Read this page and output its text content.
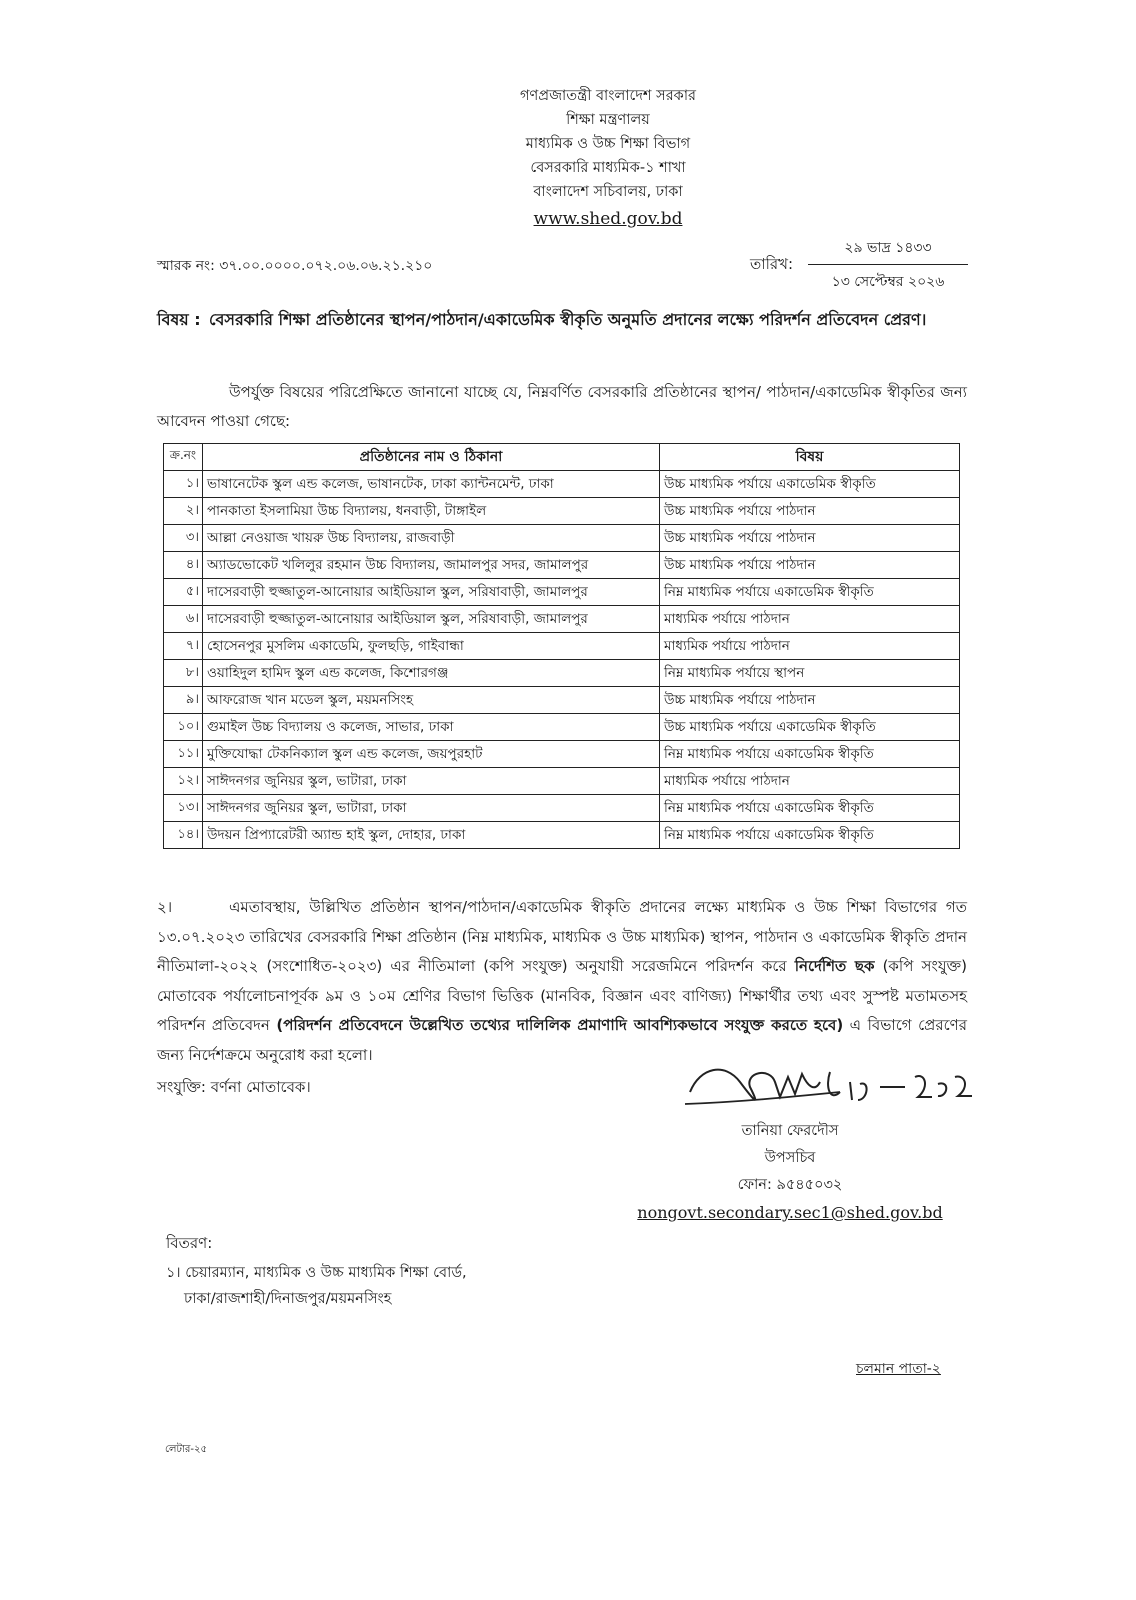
গণপ্রজাতন্ত্রী বাংলাদেশ সরকার
শিক্ষা মন্ত্রণালয়
মাধ্যমিক ও উচ্চ শিক্ষা বিভাগ
বেসরকারি মাধ্যমিক-১ শাখা
বাংলাদেশ সচিবালয়, ঢাকা
www.shed.gov.bd
স্মারক নং: ৩৭.০০.০০০০.০৭২.০৬.০৬.২১.২১০	তারিখ:
২৯ ভাদ্র ১৪৩৩
১৩ সেপ্টেম্বর ২০২৬
বিষয় : বেসরকারি শিক্ষা প্রতিষ্ঠানের স্থাপন/পাঠদান/একাডেমিক স্বীকৃতি অনুমতি প্রদানের লক্ষ্যে পরিদর্শন প্রতিবেদন প্রেরণ।
উপর্যুক্ত বিষয়ের পরিপ্রেক্ষিতে জানানো যাচ্ছে যে, নিম্নবর্ণিত বেসরকারি প্রতিষ্ঠানের স্থাপন/ পাঠদান/একাডেমিক স্বীকৃতির জন্য আবেদন পাওয়া গেছে:
ক্র.নং	প্রতিষ্ঠানের নাম ও ঠিকানা	বিষয়
১।	ভাষানেটেক স্কুল এন্ড কলেজ, ভাষানটেক, ঢাকা ক্যান্টনমেন্ট, ঢাকা	উচ্চ মাধ্যমিক পর্যায়ে একাডেমিক স্বীকৃতি
২।	পানকাতা ইসলামিয়া উচ্চ বিদ্যালয়, ধনবাড়ী, টাঙ্গাইল	উচ্চ মাধ্যমিক পর্যায়ে পাঠদান
৩।	আল্লা নেওয়াজ খায়রু উচ্চ বিদ্যালয়, রাজবাড়ী	উচ্চ মাধ্যমিক পর্যায়ে পাঠদান
৪।	অ্যাডভোকেট খলিলুর রহমান উচ্চ বিদ্যালয়, জামালপুর সদর, জামালপুর	উচ্চ মাধ্যমিক পর্যায়ে পাঠদান
৫।	দাসেরবাড়ী হুজ্জাতুল-আনোয়ার আইডিয়াল স্কুল, সরিষাবাড়ী, জামালপুর	নিম্ন মাধ্যমিক পর্যায়ে একাডেমিক স্বীকৃতি
৬।	দাসেরবাড়ী হুজ্জাতুল-আনোয়ার আইডিয়াল স্কুল, সরিষাবাড়ী, জামালপুর	মাধ্যমিক পর্যায়ে পাঠদান
৭।	হোসেনপুর মুসলিম একাডেমি, ফুলছড়ি, গাইবান্ধা	মাধ্যমিক পর্যায়ে পাঠদান
৮।	ওয়াহিদুল হামিদ স্কুল এন্ড কলেজ, কিশোরগঞ্জ	নিম্ন মাধ্যমিক পর্যায়ে স্থাপন
৯।	আফরোজ খান মডেল স্কুল, ময়মনসিংহ	উচ্চ মাধ্যমিক পর্যায়ে পাঠদান
১০।	গুমাইল উচ্চ বিদ্যালয় ও কলেজ, সাভার, ঢাকা	উচ্চ মাধ্যমিক পর্যায়ে একাডেমিক স্বীকৃতি
১১।	মুক্তিযোদ্ধা টেকনিক্যাল স্কুল এন্ড কলেজ, জয়পুরহাট	নিম্ন মাধ্যমিক পর্যায়ে একাডেমিক স্বীকৃতি
১২।	সাঈদনগর জুনিয়র স্কুল, ভাটারা, ঢাকা	মাধ্যমিক পর্যায়ে পাঠদান
১৩।	সাঈদনগর জুনিয়র স্কুল, ভাটারা, ঢাকা	নিম্ন মাধ্যমিক পর্যায়ে একাডেমিক স্বীকৃতি
১৪।	উদয়ন প্রিপ্যারেটরী অ্যান্ড হাই স্কুল, দোহার, ঢাকা	নিম্ন মাধ্যমিক পর্যায়ে একাডেমিক স্বীকৃতি
২।	এমতাবস্থায়, উল্লিখিত প্রতিষ্ঠান স্থাপন/পাঠদান/একাডেমিক স্বীকৃতি প্রদানের লক্ষ্যে মাধ্যমিক ও উচ্চ শিক্ষা বিভাগের গত ১৩.০৭.২০২৩ তারিখের বেসরকারি শিক্ষা প্রতিষ্ঠান (নিম্ন মাধ্যমিক, মাধ্যমিক ও উচ্চ মাধ্যমিক) স্থাপন, পাঠদান ও একাডেমিক স্বীকৃতি প্রদান নীতিমালা-২০২২ (সংশোধিত-২০২৩) এর নীতিমালা (কপি সংযুক্ত) অনুযায়ী সরেজমিনে পরিদর্শন করে নির্দেশিত ছক (কপি সংযুক্ত) মোতাবেক পর্যালোচনাপূর্বক ৯ম ও ১০ম শ্রেণির বিভাগ ভিত্তিক (মানবিক, বিজ্ঞান এবং বাণিজ্য) শিক্ষার্থীর তথ্য এবং সুস্পষ্ট মতামতসহ পরিদর্শন প্রতিবেদন (পরিদর্শন প্রতিবেদনে উল্লেখিত তথ্যের দালিলিক প্রমাণাদি আবশ্যিকভাবে সংযুক্ত করতে হবে) এ বিভাগে প্রেরণের জন্য নির্দেশক্রমে অনুরোধ করা হলো।
সংযুক্তি: বর্ণনা মোতাবেক।
তানিয়া ফেরদৌস
উপসচিব
ফোন: ৯৫৪৫০৩২
nongovt.secondary.sec1@shed.gov.bd
বিতরণ:
১। চেয়ারম্যান, মাধ্যমিক ও উচ্চ মাধ্যমিক শিক্ষা বোর্ড,
ঢাকা/রাজশাহী/দিনাজপুর/ময়মনসিংহ
চলমান পাতা-২
লেটার-২৫
